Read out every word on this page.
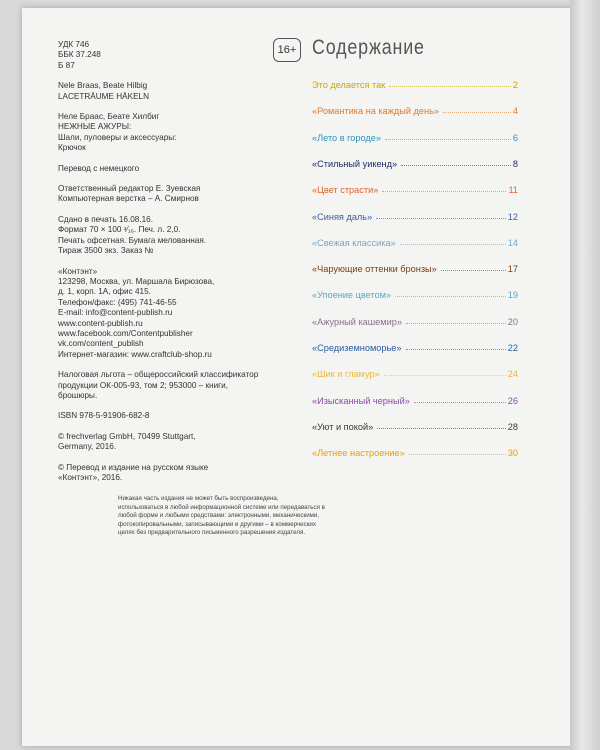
УДК 746
ББК 37.248
Б 87
Nele Braas, Beate Hilbig
LACETRÄUME HÄKELN
Неле Браас, Беате Хилбиг
НЕЖНЫЕ АЖУРЫ:
Шали, пуловеры и аксессуары:
Крючок
Перевод с немецкого
Ответственный редактор Е. Зуевская
Компьютерная верстка – А. Смирнов
Сдано в печать 16.08.16.
Формат 70 × 100 ¹⁄₁₆. Печ. л. 2,0.
Печать офсетная. Бумага мелованная.
Тираж 3500 экз. Заказ №
«Контэнт»
123298, Москва, ул. Маршала Бирюзова,
д. 1, корп. 1А, офис 415.
Телефон/факс: (495) 741-46-55
E-mail: info@content-publish.ru
www.content-publish.ru
www.facebook.com/Contentpublisher
vk.com/content_publish
Интернет-магазин: www.craftclub-shop.ru
Налоговая льгота – общероссийский классификатор
продукции ОК-005-93, том 2; 953000 – книги,
брошюры.
ISBN 978-5-91906-682-8
© frechverlag GmbH, 70499 Stuttgart,
Germany, 2016.
© Перевод и издание на русском языке
«Контэнт», 2016.
Никакая часть издания не может быть воспроизведена,
использоваться в любой информационной системе или передаваться в
любой форме и любыми средствами: электронными, механическими,
фотокопировальными, записывающими и другими – в коммерческих
целях без предварительного письменного разрешения издателя.
16+ Содержание
Это делается так	2
«Романтика на каждый день»	4
«Лето в городе»	6
«Стильный уикенд»	8
«Цвет страсти»	11
«Синяя даль»	12
«Свежая классика»	14
«Чарующие оттенки бронзы»	17
«Упоение цветом»	19
«Ажурный кашемир»	20
«Средиземноморье»	22
«Шик и гламур»	24
«Изысканный черный»	26
«Уют и покой»	28
«Летнее настроение»	30
